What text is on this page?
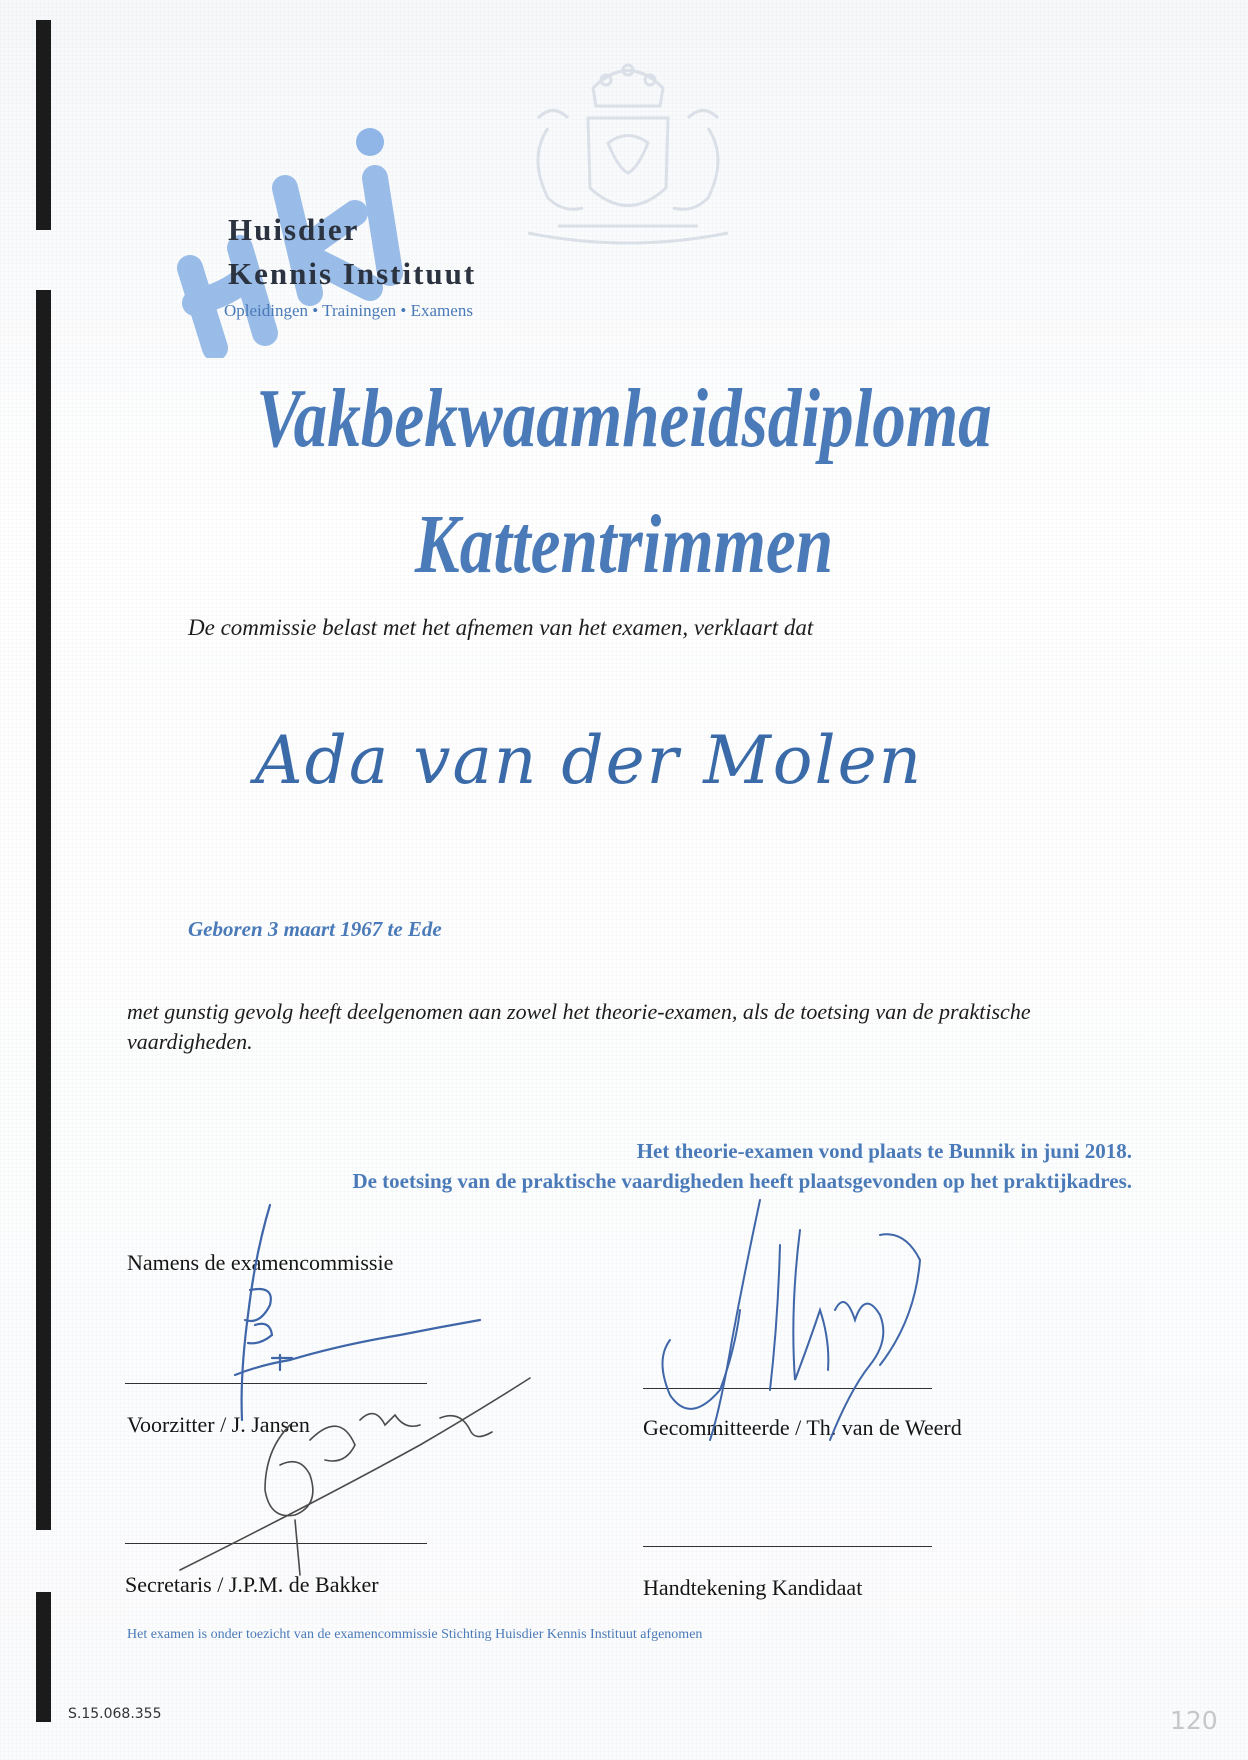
Huisdier
Kennis Instituut
Opleidingen • Trainingen • Examens
Vakbekwaamheidsdiploma
Kattentrimmen
De commissie belast met het afnemen van het examen, verklaart dat
Ada van der Molen
Geboren 3 maart 1967 te Ede
met gunstig gevolg heeft deelgenomen aan zowel het theorie-examen, als de toetsing van de praktische vaardigheden.
Het theorie-examen vond plaats te Bunnik in juni 2018.
De toetsing van de praktische vaardigheden heeft plaatsgevonden op het praktijkadres.
Namens de examencommissie
Voorzitter / J. Jansen
Secretaris / J.P.M. de Bakker
Gecommitteerde / Th. van de Weerd
Handtekening Kandidaat
Het examen is onder toezicht van de examencommissie Stichting Huisdier Kennis Instituut afgenomen
S.15.068.355	120
